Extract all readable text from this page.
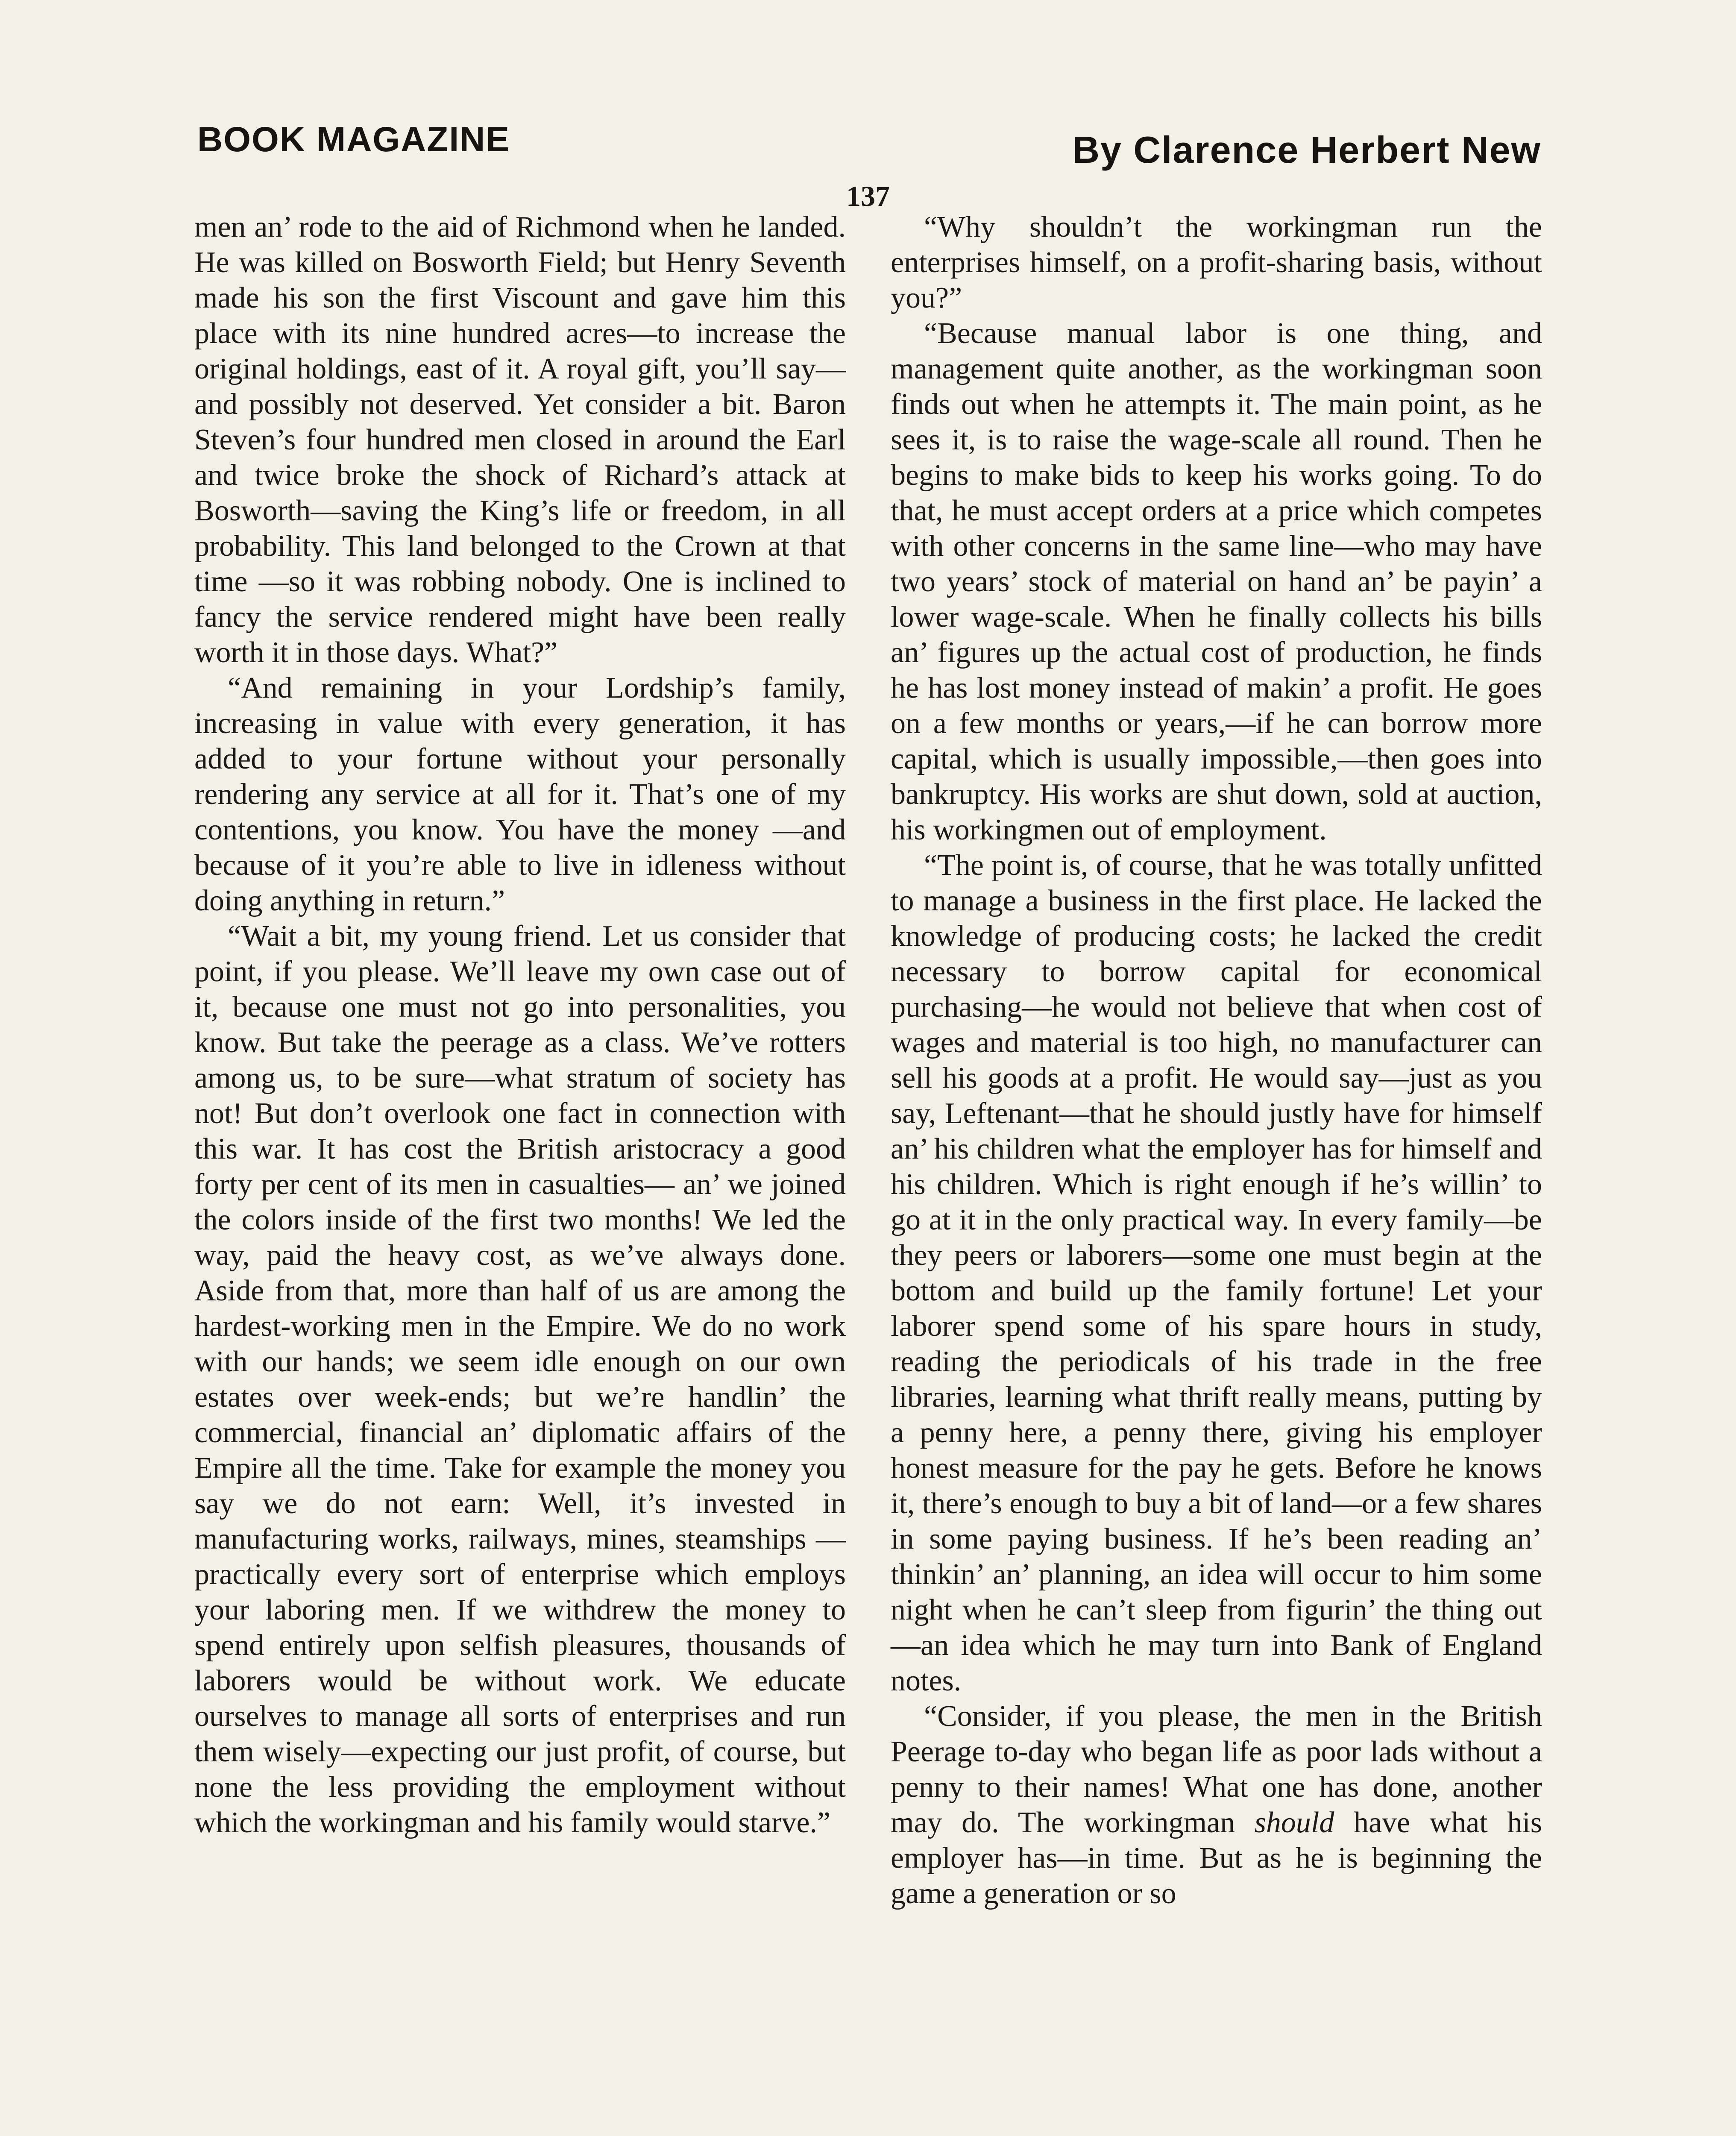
BOOK MAGAZINE	By Clarence Herbert New
137

men an’ rode to the aid of Richmond when he landed. He was killed on Bosworth Field; but Henry Seventh made his son the first Viscount and gave him this place with its nine hundred acres—to increase the original holdings, east of it. A royal gift, you’ll say—and possibly not deserved. Yet consider a bit. Baron Steven’s four hundred men closed in around the Earl and twice broke the shock of Richard’s attack at Bosworth—saving the King’s life or freedom, in all probability. This land belonged to the Crown at that time —so it was robbing nobody. One is inclined to fancy the service rendered might have been really worth it in those days. What?”

“And remaining in your Lordship’s family, increasing in value with every generation, it has added to your fortune without your personally rendering any service at all for it. That’s one of my contentions, you know. You have the money —and because of it you’re able to live in idleness without doing anything in return.”

“Wait a bit, my young friend. Let us consider that point, if you please. We’ll leave my own case out of it, because one must not go into personalities, you know. But take the peerage as a class. We’ve rotters among us, to be sure—what stratum of society has not! But don’t overlook one fact in connection with this war. It has cost the British aristocracy a good forty per cent of its men in casualties— an’ we joined the colors inside of the first two months! We led the way, paid the heavy cost, as we’ve always done. Aside from that, more than half of us are among the hardest-working men in the Empire. We do no work with our hands; we seem idle enough on our own estates over week-ends; but we’re handlin’ the commercial, financial an’ diplomatic affairs of the Empire all the time. Take for example the money you say we do not earn: Well, it’s invested in manufacturing works, railways, mines, steamships — practically every sort of enterprise which employs your laboring men. If we withdrew the money to spend entirely upon selfish pleasures, thousands of laborers would be without work. We educate ourselves to manage all sorts of enterprises and run them wisely—expecting our just profit, of course, but none the less providing the employment without which the workingman and his family would starve.”

“Why shouldn’t the workingman run the enterprises himself, on a profit-sharing basis, without you?”

“Because manual labor is one thing, and management quite another, as the workingman soon finds out when he attempts it. The main point, as he sees it, is to raise the wage-scale all round. Then he begins to make bids to keep his works going. To do that, he must accept orders at a price which competes with other concerns in the same line—who may have two years’ stock of material on hand an’ be payin’ a lower wage-scale. When he finally collects his bills an’ figures up the actual cost of production, he finds he has lost money instead of makin’ a profit. He goes on a few months or years,—if he can borrow more capital, which is usually impossible,—then goes into bankruptcy. His works are shut down, sold at auction, his workingmen out of employment.

“The point is, of course, that he was totally unfitted to manage a business in the first place. He lacked the knowledge of producing costs; he lacked the credit necessary to borrow capital for economical purchasing—he would not believe that when cost of wages and material is too high, no manufacturer can sell his goods at a profit. He would say—just as you say, Leftenant—that he should justly have for himself an’ his children what the employer has for himself and his children. Which is right enough if he’s willin’ to go at it in the only practical way. In every family—be they peers or laborers—some one must begin at the bottom and build up the family fortune! Let your laborer spend some of his spare hours in study, reading the periodicals of his trade in the free libraries, learning what thrift really means, putting by a penny here, a penny there, giving his employer honest measure for the pay he gets. Before he knows it, there’s enough to buy a bit of land—or a few shares in some paying business. If he’s been reading an’ thinkin’ an’ planning, an idea will occur to him some night when he can’t sleep from figurin’ the thing out—an idea which he may turn into Bank of England notes.

“Consider, if you please, the men in the British Peerage to-day who began life as poor lads without a penny to their names! What one has done, another may do. The workingman should have what his employer has—in time. But as he is beginning the game a generation or so
